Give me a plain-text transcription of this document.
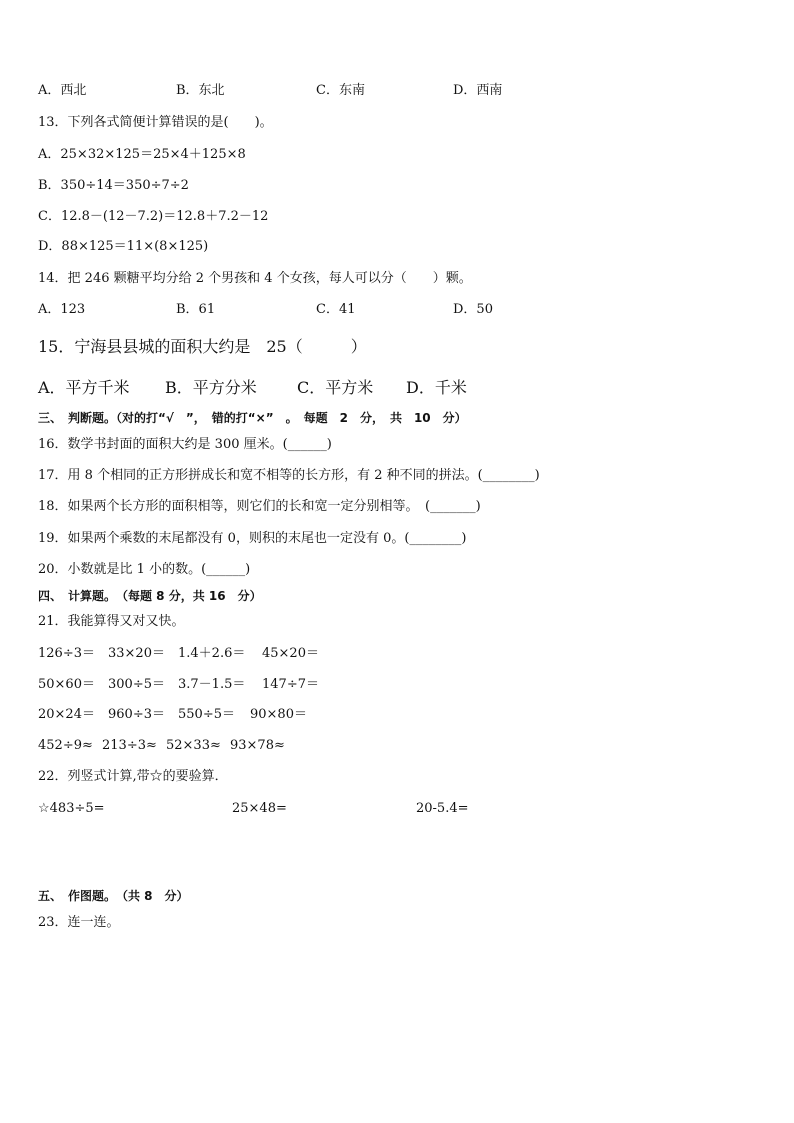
A．西北	B．东北	C．东南	D．西南
13．下列各式简便计算错误的是(　　)。
A．25×32×125＝25×4＋125×8
B．350÷14＝350÷7÷2
C．12.8－(12－7.2)＝12.8＋7.2－12
D．88×125＝11×(8×125)
14．把 246 颗糖平均分给 2 个男孩和 4 个女孩，每人可以分（　　）颗。
A．123	B．61	C．41	D．50
15．宁海县县城的面积大约是　25（　　　）
A．平方千米 B．平方分米	C．平方米 D．千米
三、　判断题。（对的打“√　”，　错的打“×”　。　每题　2　分，　共　10　分）
16．数学书封面的面积大约是 300 厘米。(______)
17．用 8 个相同的正方形拼成长和宽不相等的长方形，有 2 种不同的拼法。(________)
18．如果两个长方形的面积相等，则它们的长和宽一定分别相等。　(_______)
19．如果两个乘数的末尾都没有 0，则积的末尾也一定没有 0。(________)
20．小数就是比 1 小的数。(______)
四、　计算题。　（每题 8 分，共 16　分）
21．我能算得又对又快。
126÷3＝ 33×20＝ 1.4＋2.6＝ 45×20＝
50×60＝ 300÷5＝ 3.7－1.5＝ 147÷7＝
20×24＝ 960÷3＝ 550÷5＝ 90×80＝
452÷9≈ 213÷3≈ 52×33≈ 93×78≈
22．列竖式计算,带☆的要验算．
☆483÷5=	25×48=	20-5.4=
五、　作图题。　（共 8　分）
23．连一连。
